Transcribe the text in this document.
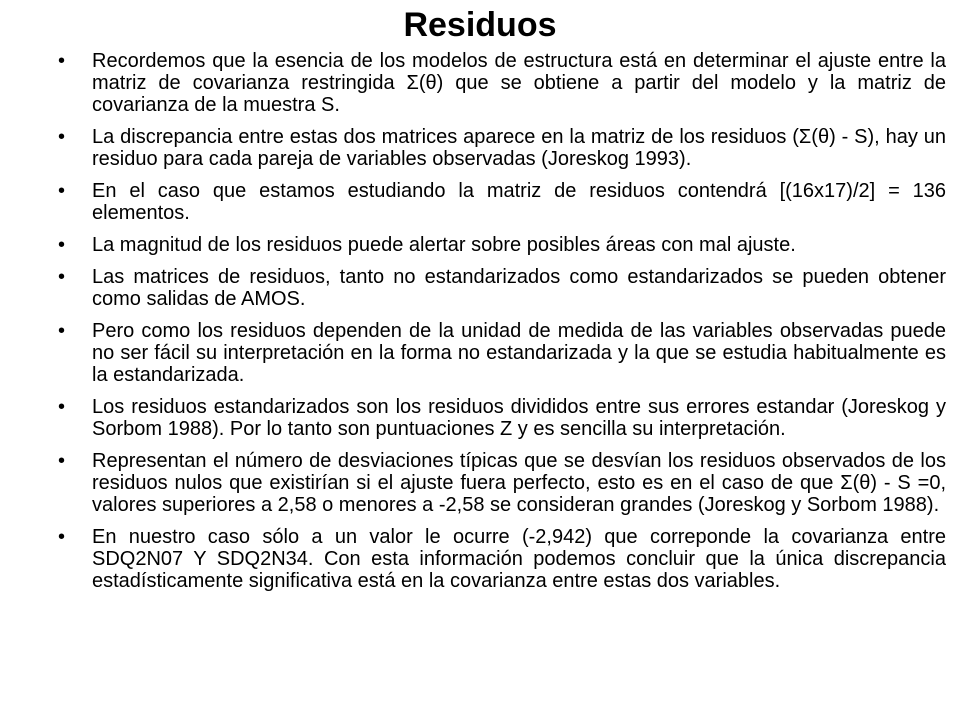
Residuos
•	Recordemos que la esencia de los modelos de estructura está en determinar el ajuste entre la matriz de covarianza restringida Σ(θ) que se obtiene a partir del modelo y la matriz de covarianza de la muestra S.
•	La discrepancia entre estas dos matrices aparece en la matriz de los residuos (Σ(θ) - S), hay un residuo para cada pareja de variables observadas (Joreskog 1993).
•	En el caso que estamos estudiando la matriz de residuos contendrá [(16x17)/2] = 136 elementos.
•	La magnitud de los residuos puede alertar sobre posibles áreas con mal ajuste.
•	Las matrices de residuos, tanto no estandarizados como estandarizados se pueden obtener como salidas de AMOS.
•	Pero como los residuos dependen de la unidad de medida de las variables observadas puede no ser fácil su interpretación en la forma no estandarizada y la que se estudia habitualmente es la estandarizada.
•	Los residuos estandarizados son los residuos divididos entre sus errores estandar (Joreskog y Sorbom 1988). Por lo tanto son puntuaciones Z y es sencilla su interpretación.
•	Representan el número de desviaciones típicas que se desvían los residuos observados de los residuos nulos que existirían si el ajuste fuera perfecto, esto es en el caso de que Σ(θ) - S =0, valores superiores a 2,58 o menores a -2,58 se consideran grandes (Joreskog y Sorbom 1988).
•	En nuestro caso sólo a un valor le ocurre (-2,942) que correponde la covarianza entre SDQ2N07 Y SDQ2N34. Con esta información podemos concluir que la única discrepancia estadísticamente significativa está en la covarianza entre estas dos variables.
